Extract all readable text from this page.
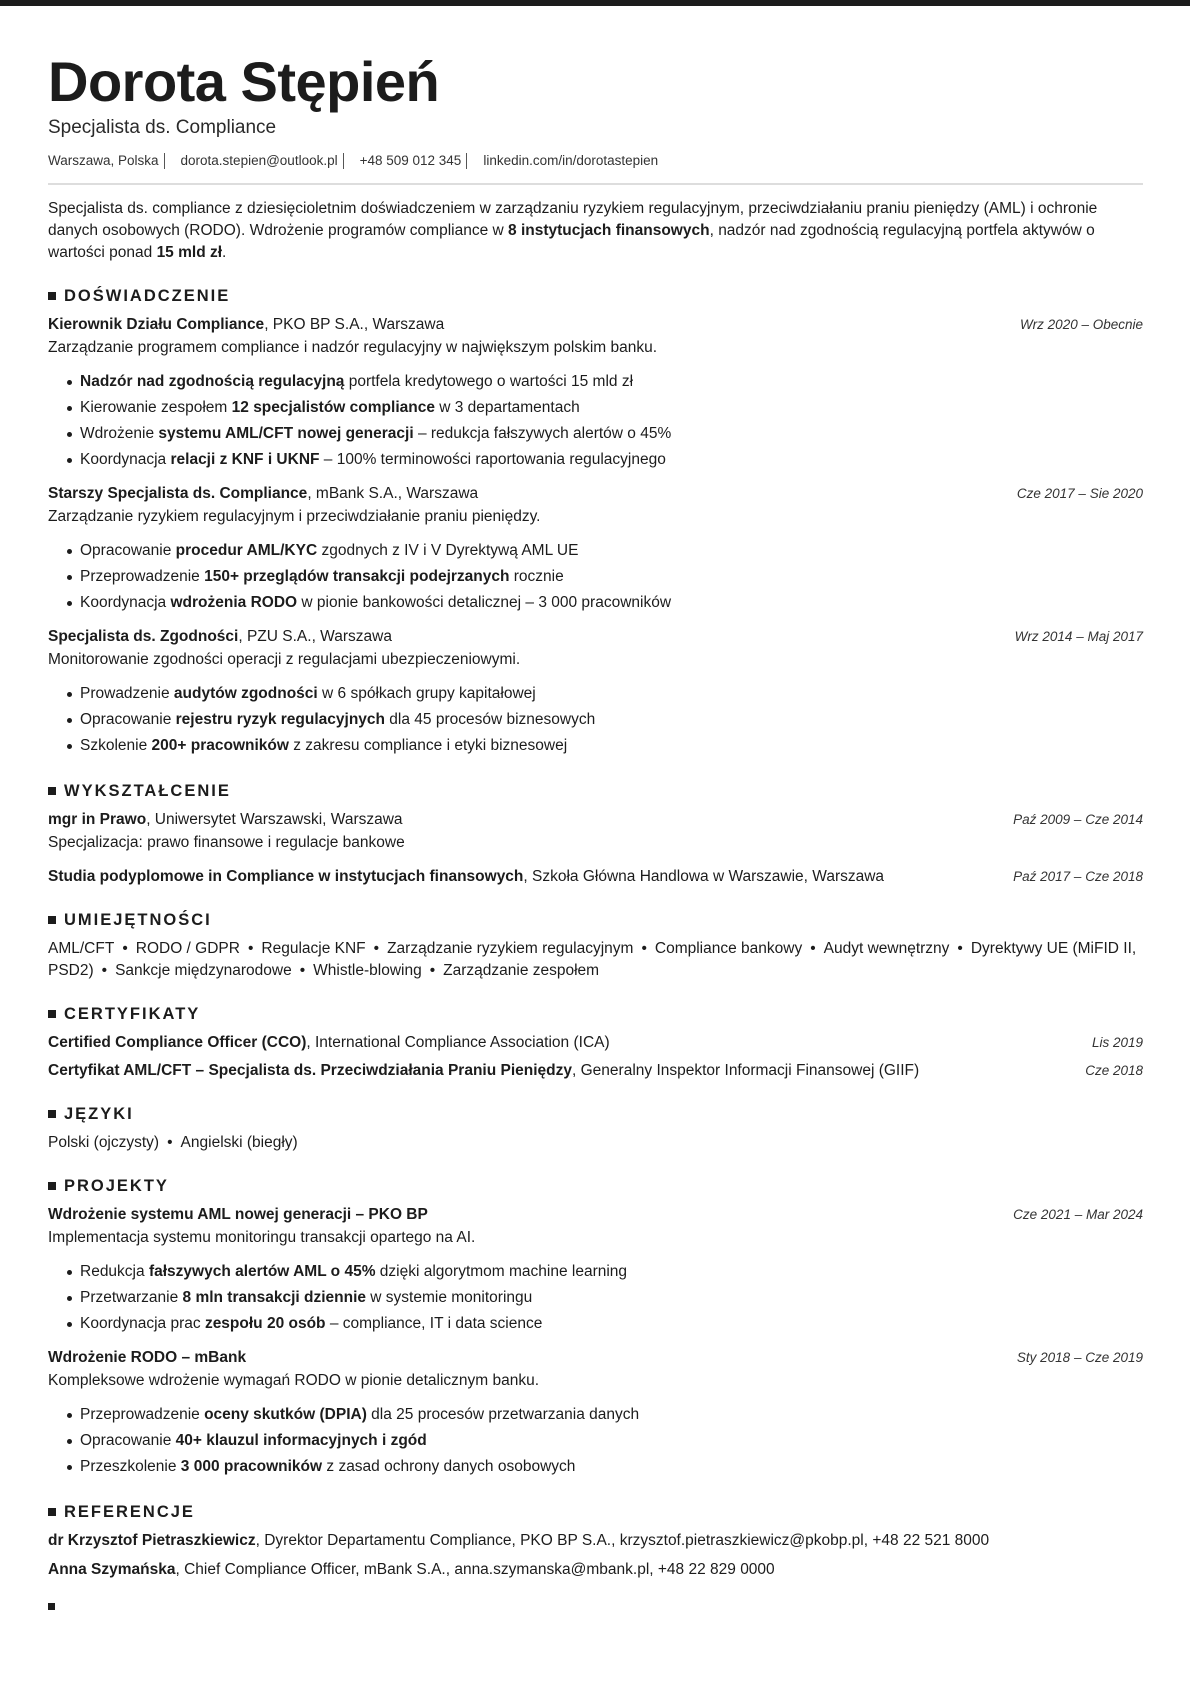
Dorota Stępień
Specjalista ds. Compliance
Warszawa, Polska dorota.stepien@outlook.pl +48 509 012 345 linkedin.com/in/dorotastepien

Specjalista ds. compliance z dziesięcioletnim doświadczeniem w zarządzaniu ryzykiem regulacyjnym, przeciwdziałaniu praniu pieniędzy (AML) i ochronie danych osobowych (RODO). Wdrożenie programów compliance w 8 instytucjach finansowych, nadzór nad zgodnością regulacyjną portfela aktywów o wartości ponad 15 mld zł.

DOŚWIADCZENIE
Kierownik Działu Compliance, PKO BP S.A., Warszawa	Wrz 2020 – Obecnie
Zarządzanie programem compliance i nadzór regulacyjny w największym polskim banku.
Nadzór nad zgodnością regulacyjną portfela kredytowego o wartości 15 mld zł
Kierowanie zespołem 12 specjalistów compliance w 3 departamentach
Wdrożenie systemu AML/CFT nowej generacji – redukcja fałszywych alertów o 45%
Koordynacja relacji z KNF i UKNF – 100% terminowości raportowania regulacyjnego
Starszy Specjalista ds. Compliance, mBank S.A., Warszawa	Cze 2017 – Sie 2020
Zarządzanie ryzykiem regulacyjnym i przeciwdziałanie praniu pieniędzy.
Opracowanie procedur AML/KYC zgodnych z IV i V Dyrektywą AML UE
Przeprowadzenie 150+ przeglądów transakcji podejrzanych rocznie
Koordynacja wdrożenia RODO w pionie bankowości detalicznej – 3 000 pracowników
Specjalista ds. Zgodności, PZU S.A., Warszawa	Wrz 2014 – Maj 2017
Monitorowanie zgodności operacji z regulacjami ubezpieczeniowymi.
Prowadzenie audytów zgodności w 6 spółkach grupy kapitałowej
Opracowanie rejestru ryzyk regulacyjnych dla 45 procesów biznesowych
Szkolenie 200+ pracowników z zakresu compliance i etyki biznesowej
WYKSZTAŁCENIE
mgr in Prawo, Uniwersytet Warszawski, Warszawa	Paź 2009 – Cze 2014
Specjalizacja: prawo finansowe i regulacje bankowe
Studia podyplomowe in Compliance w instytucjach finansowych, Szkoła Główna Handlowa w Warszawie, Warszawa	Paź 2017 – Cze 2018
UMIEJĘTNOŚCI
AML/CFT • RODO / GDPR • Regulacje KNF • Zarządzanie ryzykiem regulacyjnym • Compliance bankowy • Audyt wewnętrzny • Dyrektywy UE (MiFID II, PSD2) • Sankcje międzynarodowe • Whistle-blowing • Zarządzanie zespołem
CERTYFIKATY
Certified Compliance Officer (CCO), International Compliance Association (ICA)	Lis 2019
Certyfikat AML/CFT – Specjalista ds. Przeciwdziałania Praniu Pieniędzy, Generalny Inspektor Informacji Finansowej (GIIF)	Cze 2018
JĘZYKI
Polski (ojczysty) • Angielski (biegły)
PROJEKTY
Wdrożenie systemu AML nowej generacji – PKO BP	Cze 2021 – Mar 2024
Implementacja systemu monitoringu transakcji opartego na AI.
Redukcja fałszywych alertów AML o 45% dzięki algorytmom machine learning
Przetwarzanie 8 mln transakcji dziennie w systemie monitoringu
Koordynacja prac zespołu 20 osób – compliance, IT i data science
Wdrożenie RODO – mBank	Sty 2018 – Cze 2019
Kompleksowe wdrożenie wymagań RODO w pionie detalicznym banku.
Przeprowadzenie oceny skutków (DPIA) dla 25 procesów przetwarzania danych
Opracowanie 40+ klauzul informacyjnych i zgód
Przeszkolenie 3 000 pracowników z zasad ochrony danych osobowych
REFERENCJE
dr Krzysztof Pietraszkiewicz, Dyrektor Departamentu Compliance, PKO BP S.A., krzysztof.pietraszkiewicz@pkobp.pl, +48 22 521 8000
Anna Szymańska, Chief Compliance Officer, mBank S.A., anna.szymanska@mbank.pl, +48 22 829 0000
